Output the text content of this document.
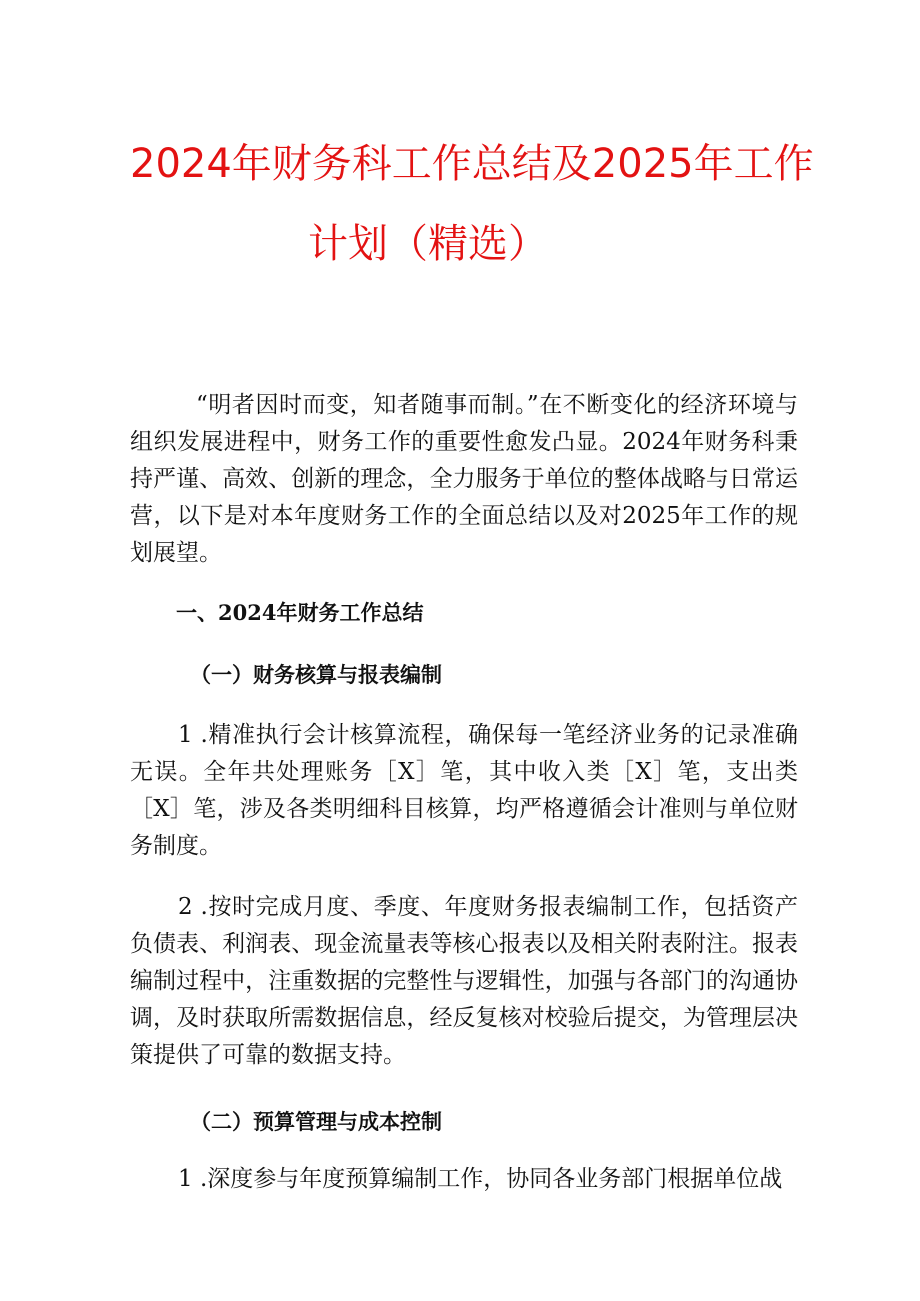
2024年财务科工作总结及2025年工作
计划（精选）

“明者因时而变，知者随事而制。”在不断变化的经济环境与组织发展进程中，财务工作的重要性愈发凸显。2024年财务科秉持严谨、高效、创新的理念，全力服务于单位的整体战略与日常运营，以下是对本年度财务工作的全面总结以及对2025年工作的规划展望。

一、2024年财务工作总结

（一）财务核算与报表编制

1 .精准执行会计核算流程，确保每一笔经济业务的记录准确无误。全年共处理账务［X］笔，其中收入类［X］笔，支出类［X］笔，涉及各类明细科目核算，均严格遵循会计准则与单位财务制度。

2 .按时完成月度、季度、年度财务报表编制工作，包括资产负债表、利润表、现金流量表等核心报表以及相关附表附注。报表编制过程中，注重数据的完整性与逻辑性，加强与各部门的沟通协调，及时获取所需数据信息，经反复核对校验后提交，为管理层决策提供了可靠的数据支持。

（二）预算管理与成本控制

1 .深度参与年度预算编制工作，协同各业务部门根据单位战
